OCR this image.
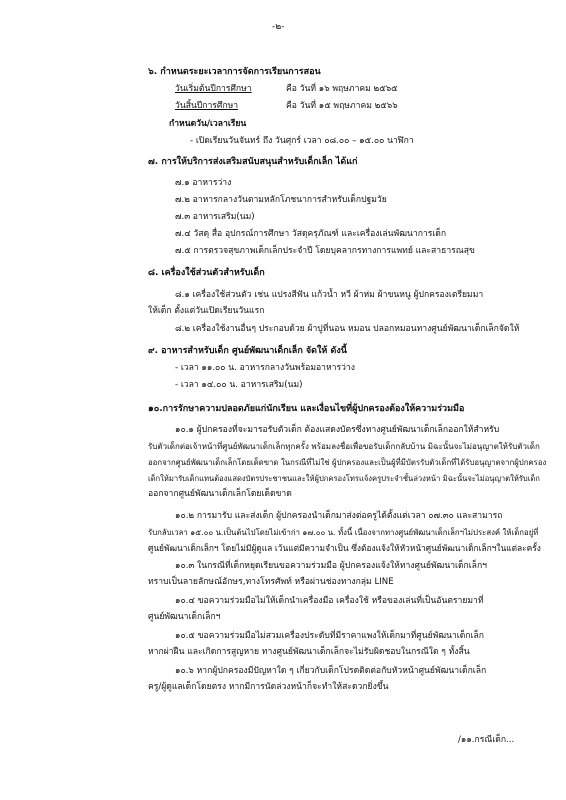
-๒-
๖. กำหนดระยะเวลาการจัดการเรียนการสอน
วันเริ่มต้นปีการศึกษา	คือ วันที่ ๑๖ พฤษภาคม ๒๕๖๕
วันสิ้นปีการศึกษา	คือ วันที่ ๑๕ พฤษภาคม ๒๕๖๖
กำหนดวัน/เวลาเรียน
- เปิดเรียนวันจันทร์ ถึง วันศุกร์ เวลา ๐๘.๐๐ – ๑๕.๐๐ นาฬิกา
๗. การให้บริการส่งเสริมสนับสนุนสำหรับเด็กเล็ก ได้แก่
๗.๑ อาหารว่าง
๗.๒ อาหารกลางวันตามหลักโภชนาการสำหรับเด็กปฐมวัย
๗.๓ อาหารเสริม(นม)
๗.๔ วัสดุ สื่อ อุปกรณ์การศึกษา วัสดุครุภัณฑ์ และเครื่องเล่นพัฒนาการเด็ก
๗.๕ การตรวจสุขภาพเด็กเล็กประจำปี โดยบุคลากรทางการแพทย์ และสาธารณสุข
๘. เครื่องใช้ส่วนตัวสำหรับเด็ก
๘.๑ เครื่องใช้ส่วนตัว เช่น แปรงสีฟัน แก้วน้ำ หวี ผ้าห่ม ผ้าขนหนู ผู้ปกครองเตรียมมา
ให้เด็ก ตั้งแต่วันเปิดเรียนวันแรก
๘.๒ เครื่องใช้งานอื่นๆ ประกอบด้วย ผ้าปูที่นอน หมอน ปลอกหมอนทางศูนย์พัฒนาเด็กเล็กจัดให้
๙. อาหารสำหรับเด็ก ศูนย์พัฒนาเด็กเล็ก จัดให้ ดังนี้
- เวลา ๑๑.๐๐ น. อาหารกลางวันพร้อมอาหารว่าง
- เวลา ๑๔.๐๐ น. อาหารเสริม(นม)
๑๐.การรักษาความปลอดภัยแก่นักเรียน และเงื่อนไขที่ผู้ปกครองต้องให้ความร่วมมือ
๑๐.๑ ผู้ปกครองที่จะมารอรับตัวเด็ก ต้องแสดงบัตรซึ่งทางศูนย์พัฒนาเด็กเล็กออกให้สำหรับ
รับตัวเด็กต่อเจ้าหน้าที่ศูนย์พัฒนาเด็กเล็กทุกครั้ง พร้อมลงชื่อเพื่อขอรับเด็กกลับบ้าน มิฉะนั้นจะไม่อนุญาตให้รับตัวเด็ก
ออกจากศูนย์พัฒนาเด็กเล็กโดยเด็ดขาด ในกรณีที่ไม่ใช่ ผู้ปกครองและเป็นผู้ที่มีบัตรรับตัวเด็กที่ได้รับอนุญาตจากผู้ปกครอง
เด็กให้มารับเด็กแทนต้องแสดงบัตรประชาชนและให้ผู้ปกครองโทรแจ้งครูประจำชั้นล่วงหน้า มิฉะนั้นจะไม่อนุญาตให้รับเด็ก
ออกจากศูนย์พัฒนาเด็กเล็กโดยเด็ดขาด
๑๐.๒ การมารับ และส่งเด็ก ผู้ปกครองนำเด็กมาส่งต่อครูได้ตั้งแต่เวลา ๐๗.๓๐ และสามารถ
รับกลับเวลา ๑๕.๐๐ น.เป็นต้นไปโดยไม่เข้าก่า ๑๗.๐๐ น. ทั้งนี้ เนื่องจากทางศูนย์พัฒนาเด็กเล็กฯไม่ประสงค์ ให้เด็กอยู่ที่
ศูนย์พัฒนาเด็กเล็กฯ โดยไม่มีผู้ดูแล เว้นแต่มีความจำเป็น ซึ่งต้องแจ้งให้หัวหน้าศูนย์พัฒนาเด็กเล็กฯในแต่ละครั้ง
๑๐.๓ ในกรณีที่เด็กหยุดเรียนขอความร่วมมือ ผู้ปกครองแจ้งให้ทางศูนย์พัฒนาเด็กเล็กฯ
ทราบเป็นลายลักษณ์อักษร,ทางโทรศัพท์ หรือผ่านช่องทางกลุ่ม LINE
๑๐.๔ ขอความร่วมมือไม่ให้เด็กนำเครื่องมือ เครื่องใช้ หรือของเล่นที่เป็นอันตรายมาที่
ศูนย์พัฒนาเด็กเล็กฯ
๑๐.๕ ขอความร่วมมือไม่สวมเครื่องประดับที่มีราคาแพงให้เด็กมาที่ศูนย์พัฒนาเด็กเล็ก
หากผ่าฝืน และเกิดการสูญหาย ทางศูนย์พัฒนาเด็กเล็กจะไม่รับผิดชอบในกรณีใด ๆ ทั้งสิ้น
๑๐.๖ หากผู้ปกครองมีปัญหาใด ๆ เกี่ยวกับเด็กโปรดติดต่อกับหัวหน้าศูนย์พัฒนาเด็กเล็ก
ครู/ผู้ดูแลเด็กโดยตรง หากมีการนัดล่วงหน้าก็จะทำให้สะดวกยิ่งขึ้น
/๑๑.กรณีเด็ก...
